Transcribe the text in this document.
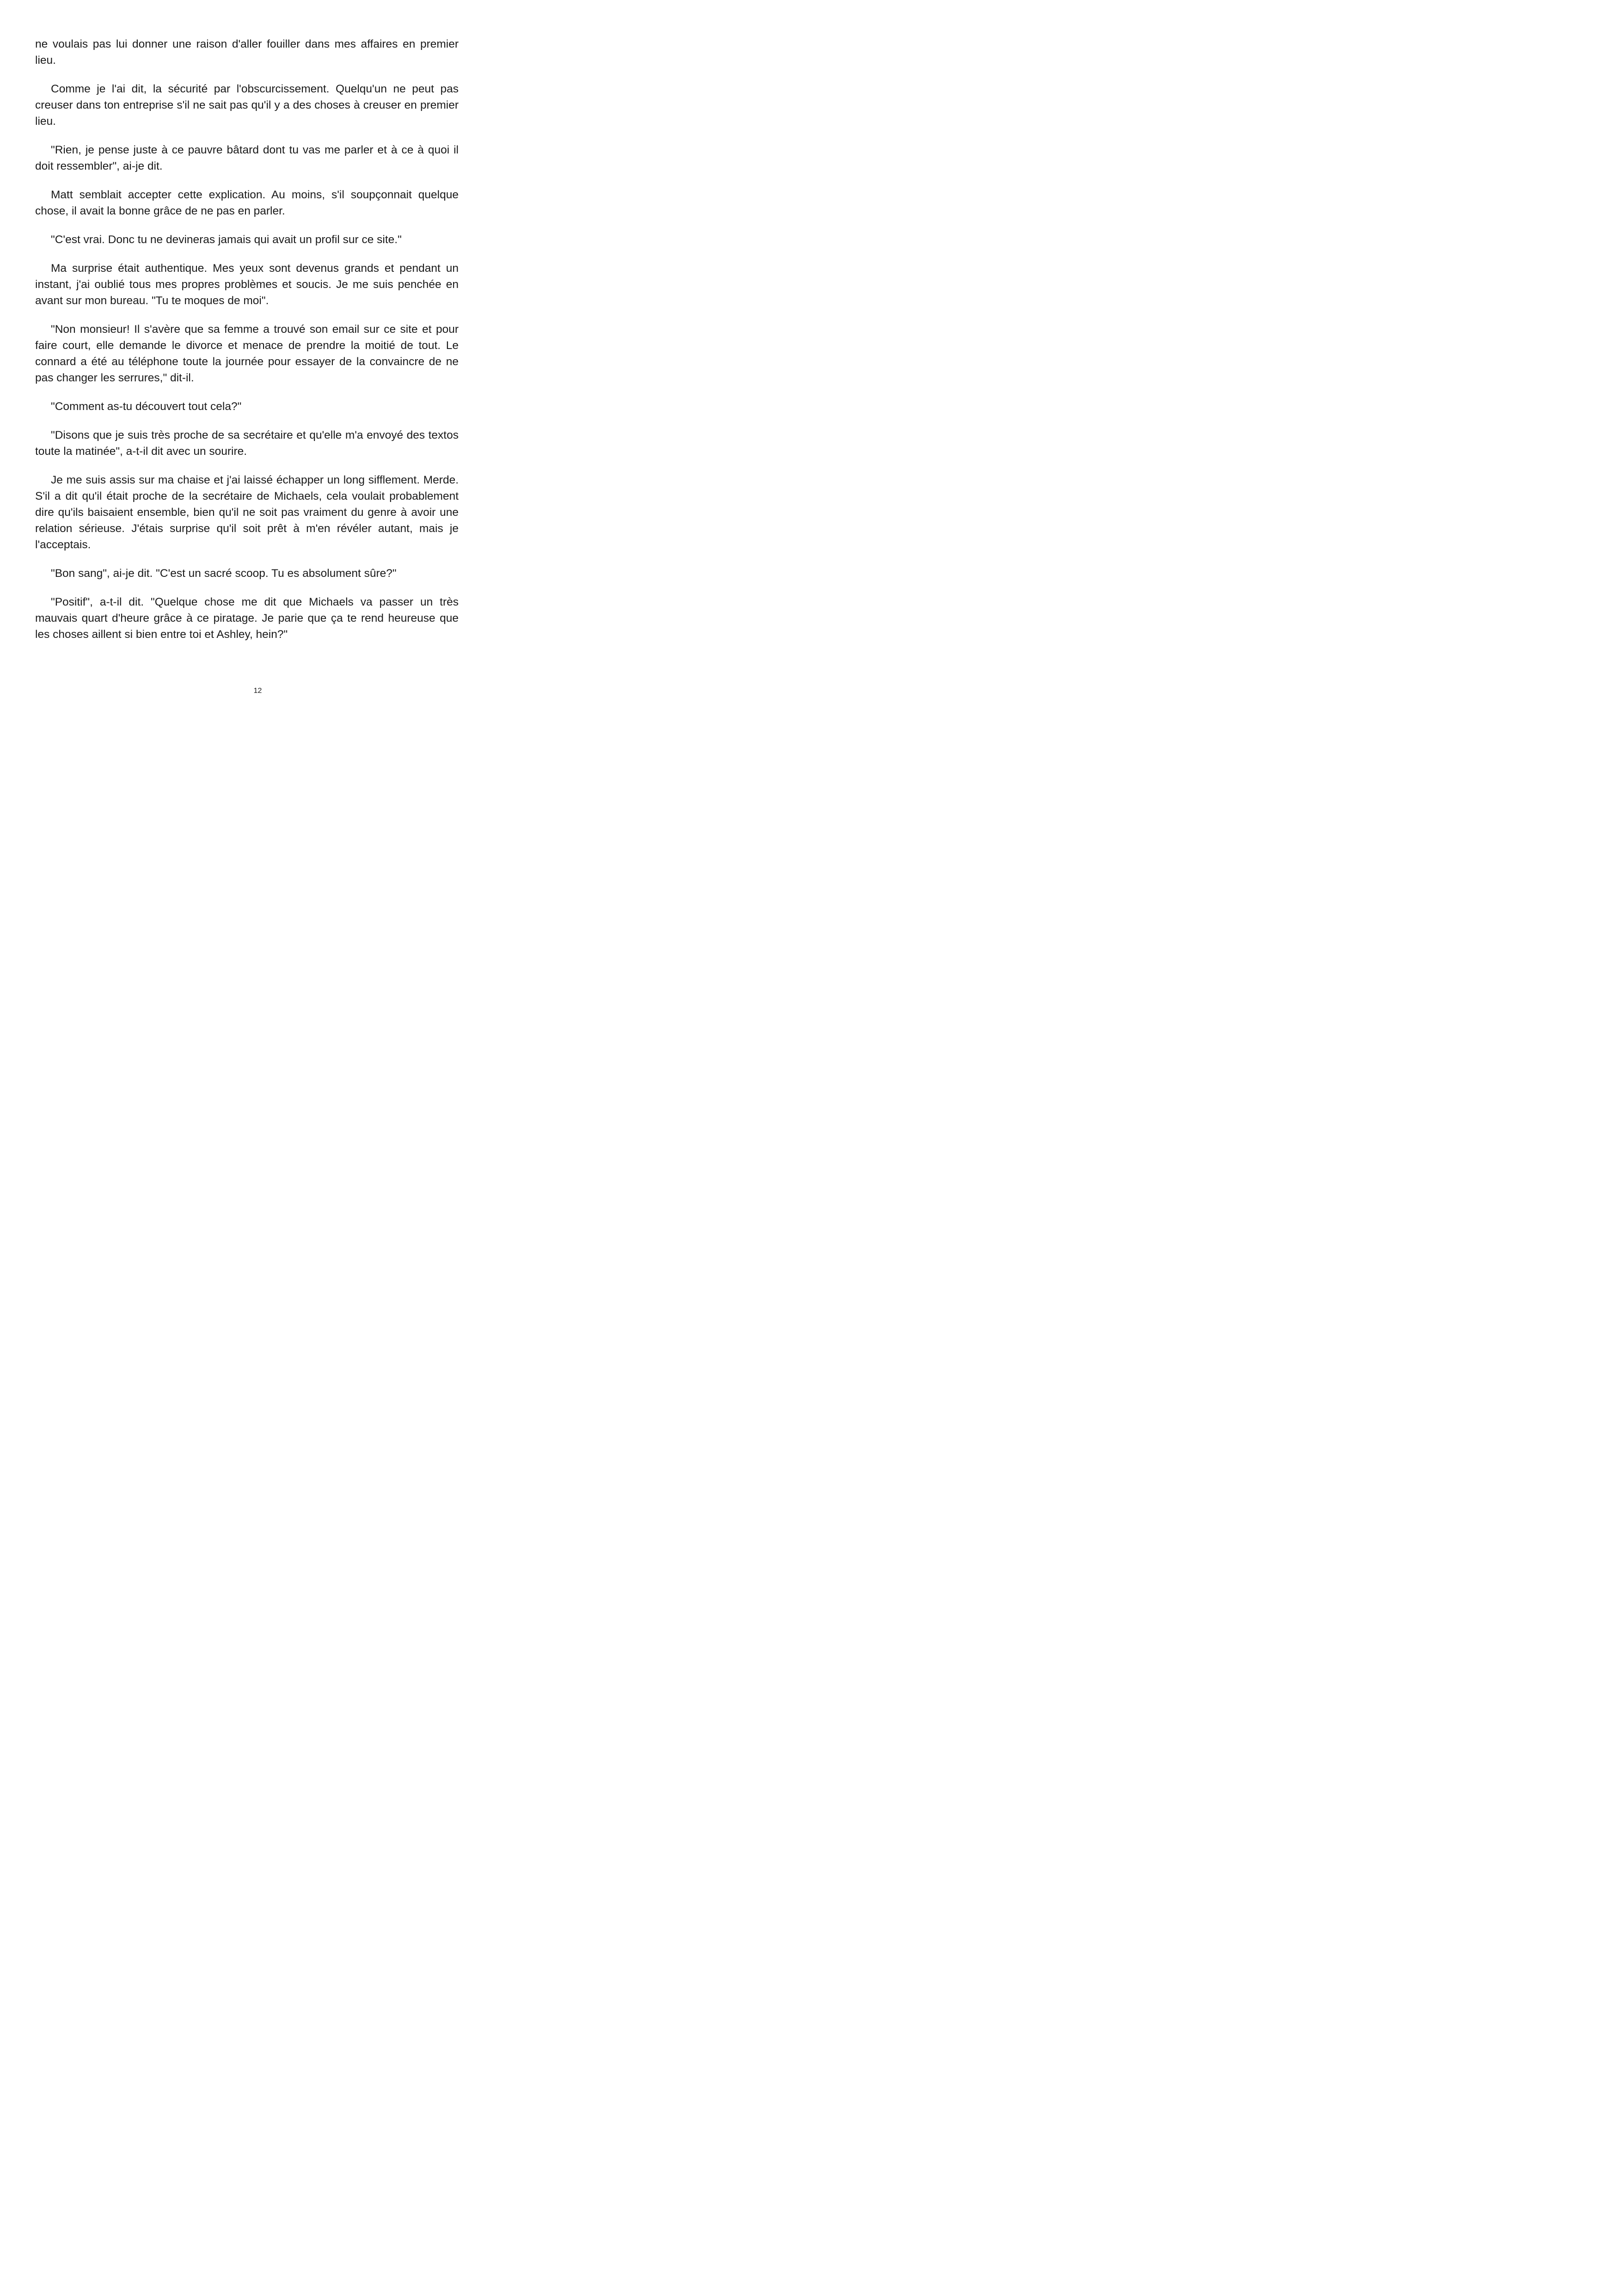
ne voulais pas lui donner une raison d'aller fouiller dans mes affaires en premier lieu.

Comme je l'ai dit, la sécurité par l'obscurcissement. Quelqu'un ne peut pas creuser dans ton entreprise s'il ne sait pas qu'il y a des choses à creuser en premier lieu.

"Rien, je pense juste à ce pauvre bâtard dont tu vas me parler et à ce à quoi il doit ressembler", ai-je dit.

Matt semblait accepter cette explication. Au moins, s'il soupçonnait quelque chose, il avait la bonne grâce de ne pas en parler.

"C'est vrai. Donc tu ne devineras jamais qui avait un profil sur ce site."

Ma surprise était authentique. Mes yeux sont devenus grands et pendant un instant, j'ai oublié tous mes propres problèmes et soucis. Je me suis penchée en avant sur mon bureau. "Tu te moques de moi".

"Non monsieur! Il s'avère que sa femme a trouvé son email sur ce site et pour faire court, elle demande le divorce et menace de prendre la moitié de tout. Le connard a été au téléphone toute la journée pour essayer de la convaincre de ne pas changer les serrures," dit-il.

"Comment as-tu découvert tout cela?"

"Disons que je suis très proche de sa secrétaire et qu'elle m'a envoyé des textos toute la matinée", a-t-il dit avec un sourire.

Je me suis assis sur ma chaise et j'ai laissé échapper un long sifflement. Merde. S'il a dit qu'il était proche de la secrétaire de Michaels, cela voulait probablement dire qu'ils baisaient ensemble, bien qu'il ne soit pas vraiment du genre à avoir une relation sérieuse. J'étais surprise qu'il soit prêt à m'en révéler autant, mais je l'acceptais.

"Bon sang", ai-je dit. "C'est un sacré scoop. Tu es absolument sûre?"

"Positif", a-t-il dit. "Quelque chose me dit que Michaels va passer un très mauvais quart d'heure grâce à ce piratage. Je parie que ça te rend heureuse que les choses aillent si bien entre toi et Ashley, hein?"

12
